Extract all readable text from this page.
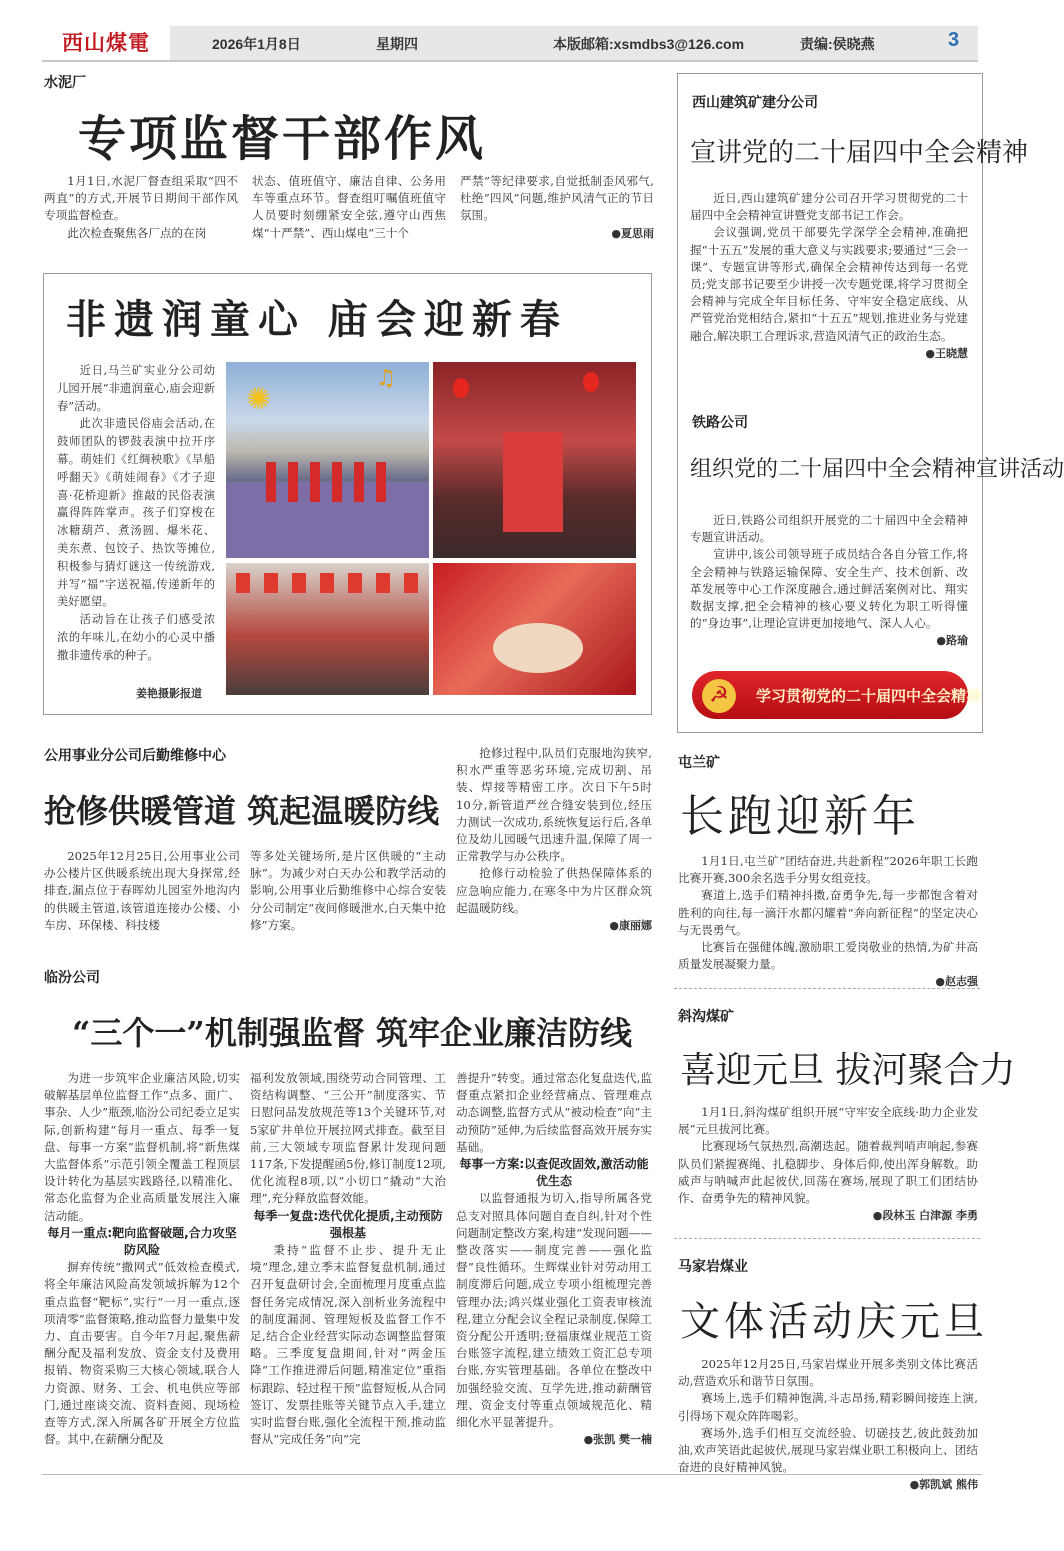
西山煤電	2026年1月8日	星期四	本版邮箱:xsmdbs3@126.com	责编:侯晓燕	3
水泥厂
专项监督干部作风

1月1日,水泥厂督查组采取“四不两直”的方式,开展节日期间干部作风专项监督检查。

此次检查聚焦各厂点的在岗

状态、值班值守、廉洁自律、公务用车等重点环节。督查组叮嘱值班值守人员要时刻绷紧安全弦,遵守山西焦煤“十严禁”、西山煤电“三十个

严禁”等纪律要求,自觉抵制歪风邪气,杜绝“四风”问题,维护风清气正的节日氛围。

●夏思雨
非遗润童心 庙会迎新春

近日,马兰矿实业分公司幼儿园开展“非遗润童心,庙会迎新春”活动。

此次非遗民俗庙会活动,在鼓师团队的锣鼓表演中拉开序幕。萌娃们《红绸秧歌》《旱船呼翻天》《萌娃闹春》《才子迎喜·花桥迎新》推敲的民俗表演赢得阵阵掌声。孩子们穿梭在冰糖葫芦、煮汤圆、爆米花、美东煮、包饺子、热饮等摊位,积极参与猜灯谜这一传统游戏,并写“福”字送祝福,传递新年的美好愿望。

活动旨在让孩子们感受浓浓的年味儿,在幼小的心灵中播撒非遗传承的种子。

✺
♫
姜艳摄影报道
西山建筑矿建分公司
宣讲党的二十届四中全会精神

近日,西山建筑矿建分公司召开学习贯彻党的二十届四中全会精神宣讲暨党支部书记工作会。

会议强调,党员干部要先学深学全会精神,准确把握“十五五”发展的重大意义与实践要求;要通过“三会一课”、专题宣讲等形式,确保全会精神传达到每一名党员;党支部书记要至少讲授一次专题党课,将学习贯彻全会精神与完成全年目标任务、守牢安全稳定底线、从严管党治党相结合,紧扣“十五五”规划,推进业务与党建融合,解决职工合理诉求,营造风清气正的政治生态。

●王晓慧
铁路公司
组织党的二十届四中全会精神宣讲活动

近日,铁路公司组织开展党的二十届四中全会精神专题宣讲活动。

宣讲中,该公司领导班子成员结合各自分管工作,将全会精神与铁路运输保障、安全生产、技术创新、改革发展等中心工作深度融合,通过鲜活案例对比、翔实数据支撑,把全会精神的核心要义转化为职工听得懂的“身边事”,让理论宣讲更加接地气、深人人心。

●路瑜
☭	学习贯彻党的二十届四中全会精神
公用事业分公司后勤维修中心
抢修供暖管道 筑起温暖防线

2025年12月25日,公用事业公司办公楼片区供暖系统出现大身探常,经排查,漏点位于春晖幼儿园室外地沟内的供暖主管道,该管道连接办公楼、小车房、环保楼、科技楼

等多处关键场所,是片区供暖的“主动脉”。为减少对白天办公和教学活动的影响,公用事业后勤维修中心综合安装分公司制定“夜间修暖泄水,白天集中抢修”方案。

抢修过程中,队员们克服地沟狭窄,积水严重等恶劣环境,完成切割、吊装、焊接等精密工序。次日下午5时10分,新管道严丝合缝安装到位,经压力测试一次成功,系统恢复运行后,各单位及幼儿园暖气迅速升温,保障了周一正常教学与办公秩序。

抢修行动检验了供热保障体系的应急响应能力,在寒冬中为片区群众筑起温暖防线。

●康丽娜
临汾公司
“三个一”机制强监督 筑牢企业廉洁防线

为进一步筑牢企业廉洁风险,切实破解基层单位监督工作“点多、面广、事杂、人少”瓶颈,临汾公司纪委立足实际,创新构建“每月一重点、每季一复盘、每事一方案”监督机制,将“新焦煤大监督体系”示范引领全覆盖工程顶层设计转化为基层实践路径,以精准化、常态化监督为企业高质量发展注入廉洁动能。

每月一重点:靶向监督破题,合力攻坚防风险

摒弃传统“撒网式”低效检查模式,将全年廉洁风险高发领域拆解为12个重点监督“靶标”,实行“一月一重点,逐项清零”监督策略,推动监督力量集中发力、直击要害。自今年7月起,聚焦薪酬分配及福利发放、资金支付及费用报销、物资采购三大核心领域,联合人力资源、财务、工会、机电供应等部门,通过座谈交流、资料查阅、现场检查等方式,深入所属各矿开展全方位监督。其中,在薪酬分配及

福利发放领域,围绕劳动合同管理、工资结构调整、“三公开”制度落实、节日慰问品发放规范等13个关键环节,对5家矿井单位开展拉网式排查。截至目前,三大领域专项监督累计发现问题117条,下发提醒函5份,修订制度12项,优化流程8项,以“小切口”撬动“大治理”,充分释放监督效能。

每季一复盘:迭代优化提质,主动预防强根基

秉持“监督不止步、提升无止境”理念,建立季末监督复盘机制,通过召开复盘研讨会,全面梳理月度重点监督任务完成情况,深入剖析业务流程中的制度漏洞、管理短板及监督工作不足,结合企业经营实际动态调整监督策略。三季度复盘期间,针对“两金压降”工作推进滞后问题,精准定位”重指标跟踪、轻过程干预”监督短板,从合同签订、发票挂账等关键节点入手,建立实时监督台账,强化全流程干预,推动监督从“完成任务”向“完

善提升”转变。通过常态化复盘迭代,监督重点紧扣企业经营痛点、管理难点动态调整,监督方式从“被动检查”向“主动预防”延伸,为后续监督高效开展夯实基础。

每事一方案:以查促改固效,激活动能优生态

以监督通报为切入,指导所属各党总支对照具体问题自查自纠,针对个性问题制定整改方案,构建“发现问题——整改落实——制度完善——强化监督”良性循环。生辉煤业针对劳动用工制度滞后问题,成立专项小组梳理完善管理办法;鸿兴煤业强化工资表审核流程,建立分配会议全程记录制度,保障工资分配公开透明;登福康煤业规范工资台账签字流程,建立绩效工资汇总专项台账,夯实管理基础。各单位在整改中加强经验交流、互学先进,推动薪酬管理、资金支付等重点领域规范化、精细化水平显著提升。

●张凯 樊一楠
屯兰矿
长跑迎新年

1月1日,屯兰矿“团结奋进,共赴新程”2026年职工长跑比赛开赛,300余名选手分男女组竞技。

赛道上,选手们精神抖擞,奋勇争先,每一步都饱含着对胜利的向往,每一滴汗水都闪耀着“奔向新征程”的坚定决心与无畏勇气。

比赛旨在强健体魄,激励职工爱岗敬业的热情,为矿井高质量发展凝聚力量。

●赵志强
斜沟煤矿
喜迎元旦 拔河聚合力

1月1日,斜沟煤矿组织开展“守牢安全底线·助力企业发展”元旦拔河比赛。

比赛现场气氛热烈,高潮迭起。随着裁判哨声响起,参赛队员们紧握赛绳、扎稳脚步、身体后仰,使出浑身解数。助威声与呐喊声此起彼伏,回荡在赛场,展现了职工们团结协作、奋勇争先的精神风貌。

●段林玉 白津源 李勇
马家岩煤业
文体活动庆元旦

2025年12月25日,马家岩煤业开展多类别文体比赛活动,营造欢乐和谐节日氛围。

赛场上,选手们精神饱满,斗志昂扬,精彩瞬间接连上演,引得场下观众阵阵喝彩。

赛场外,选手们相互交流经验、切磋技艺,彼此鼓劲加油,欢声笑语此起彼伏,展现马家岩煤业职工积极向上、团结奋进的良好精神风貌。

●郭凯斌 熊伟
